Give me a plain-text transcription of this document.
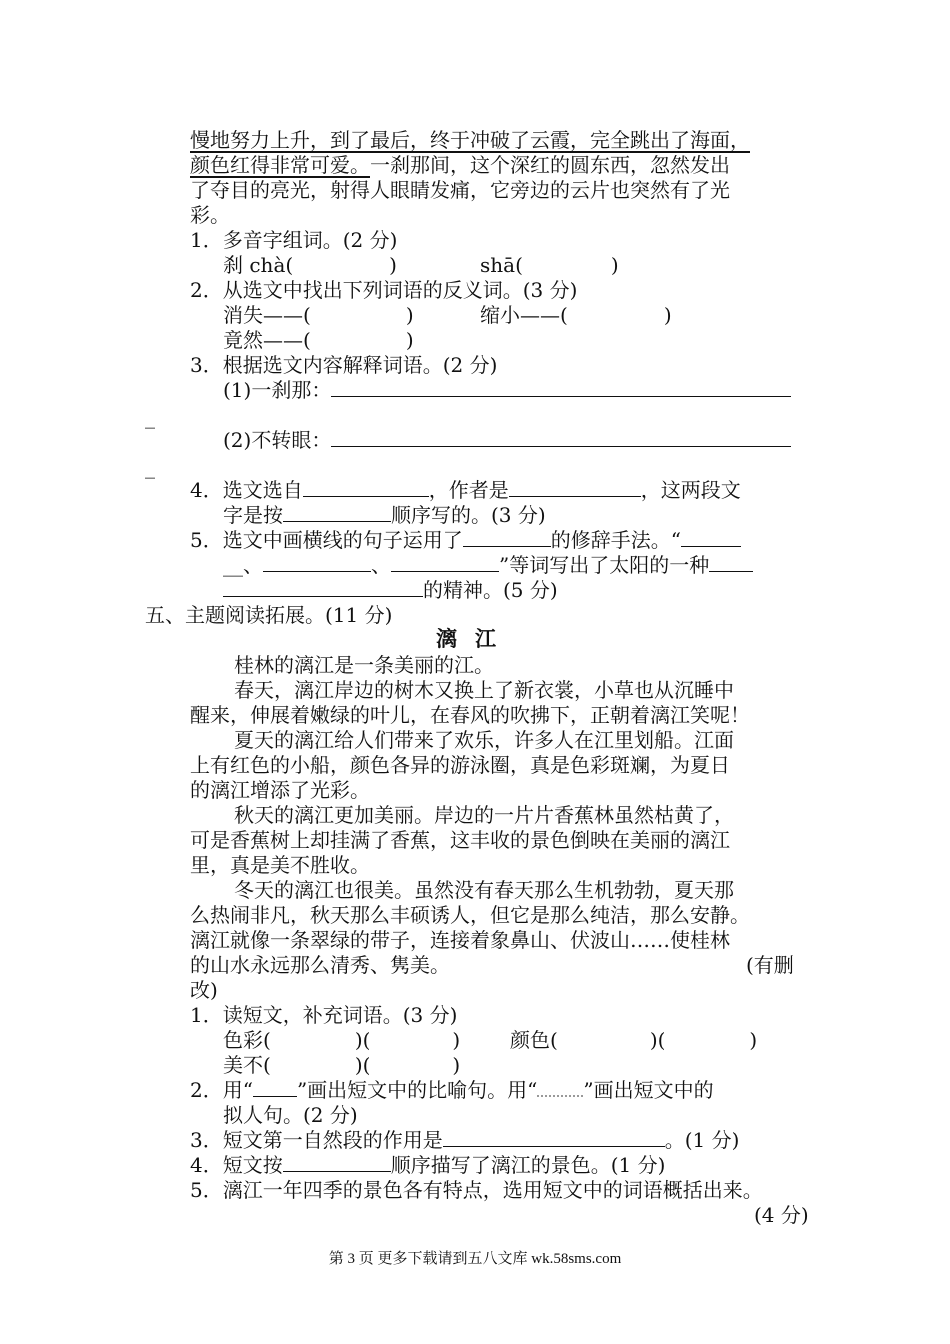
慢地努力上升，到了最后，终于冲破了云霞，完全跳出了海面，
颜色红得非常可爱。一刹那间，这个深红的圆东西，忽然发出
了夺目的亮光，射得人眼睛发痛，它旁边的云片也突然有了光
彩。
1．多音字组词。(2 分)
刹 chà(	)	shā(	)
2．从选文中找出下列词语的反义词。(3 分)
消失——(	)	缩小——(	)
竟然——(	)
3．根据选文内容解释词语。(2 分)
(1)一刹那：
_
(2)不转眼：
_
4．选文选自	，作者是	，这两段文
字是按	顺序写的。(3 分)
5．选文中画横线的句子运用了	的修辞手法。“
__、	、	”等词写出了太阳的一种
的精神。(5 分)
五、主题阅读拓展。(11 分)
漓江
桂林的漓江是一条美丽的江。
春天，漓江岸边的树木又换上了新衣裳，小草也从沉睡中
醒来，伸展着嫩绿的叶儿，在春风的吹拂下，正朝着漓江笑呢！
夏天的漓江给人们带来了欢乐，许多人在江里划船。江面
上有红色的小船，颜色各异的游泳圈，真是色彩斑斓，为夏日
的漓江增添了光彩。
秋天的漓江更加美丽。岸边的一片片香蕉林虽然枯黄了，
可是香蕉树上却挂满了香蕉，这丰收的景色倒映在美丽的漓江
里，真是美不胜收。
冬天的漓江也很美。虽然没有春天那么生机勃勃，夏天那
么热闹非凡，秋天那么丰硕诱人，但它是那么纯洁，那么安静。
漓江就像一条翠绿的带子，连接着象鼻山、伏波山……使桂林
的山水永远那么清秀、隽美。	(有删
改)
1．读短文，补充词语。(3 分)
色彩(	)(	) 颜色(	)(	)
美不(	)(	)
2．用“ ”画出短文中的比喻句。用“ ”画出短文中的
拟人句。(2 分)
3．短文第一自然段的作用是	。(1 分)
4．短文按	顺序描写了漓江的景色。(1 分)
5．漓江一年四季的景色各有特点，选用短文中的词语概括出来。
(4 分)
第 3 页 更多下载请到五八文库 wk.58sms.com
